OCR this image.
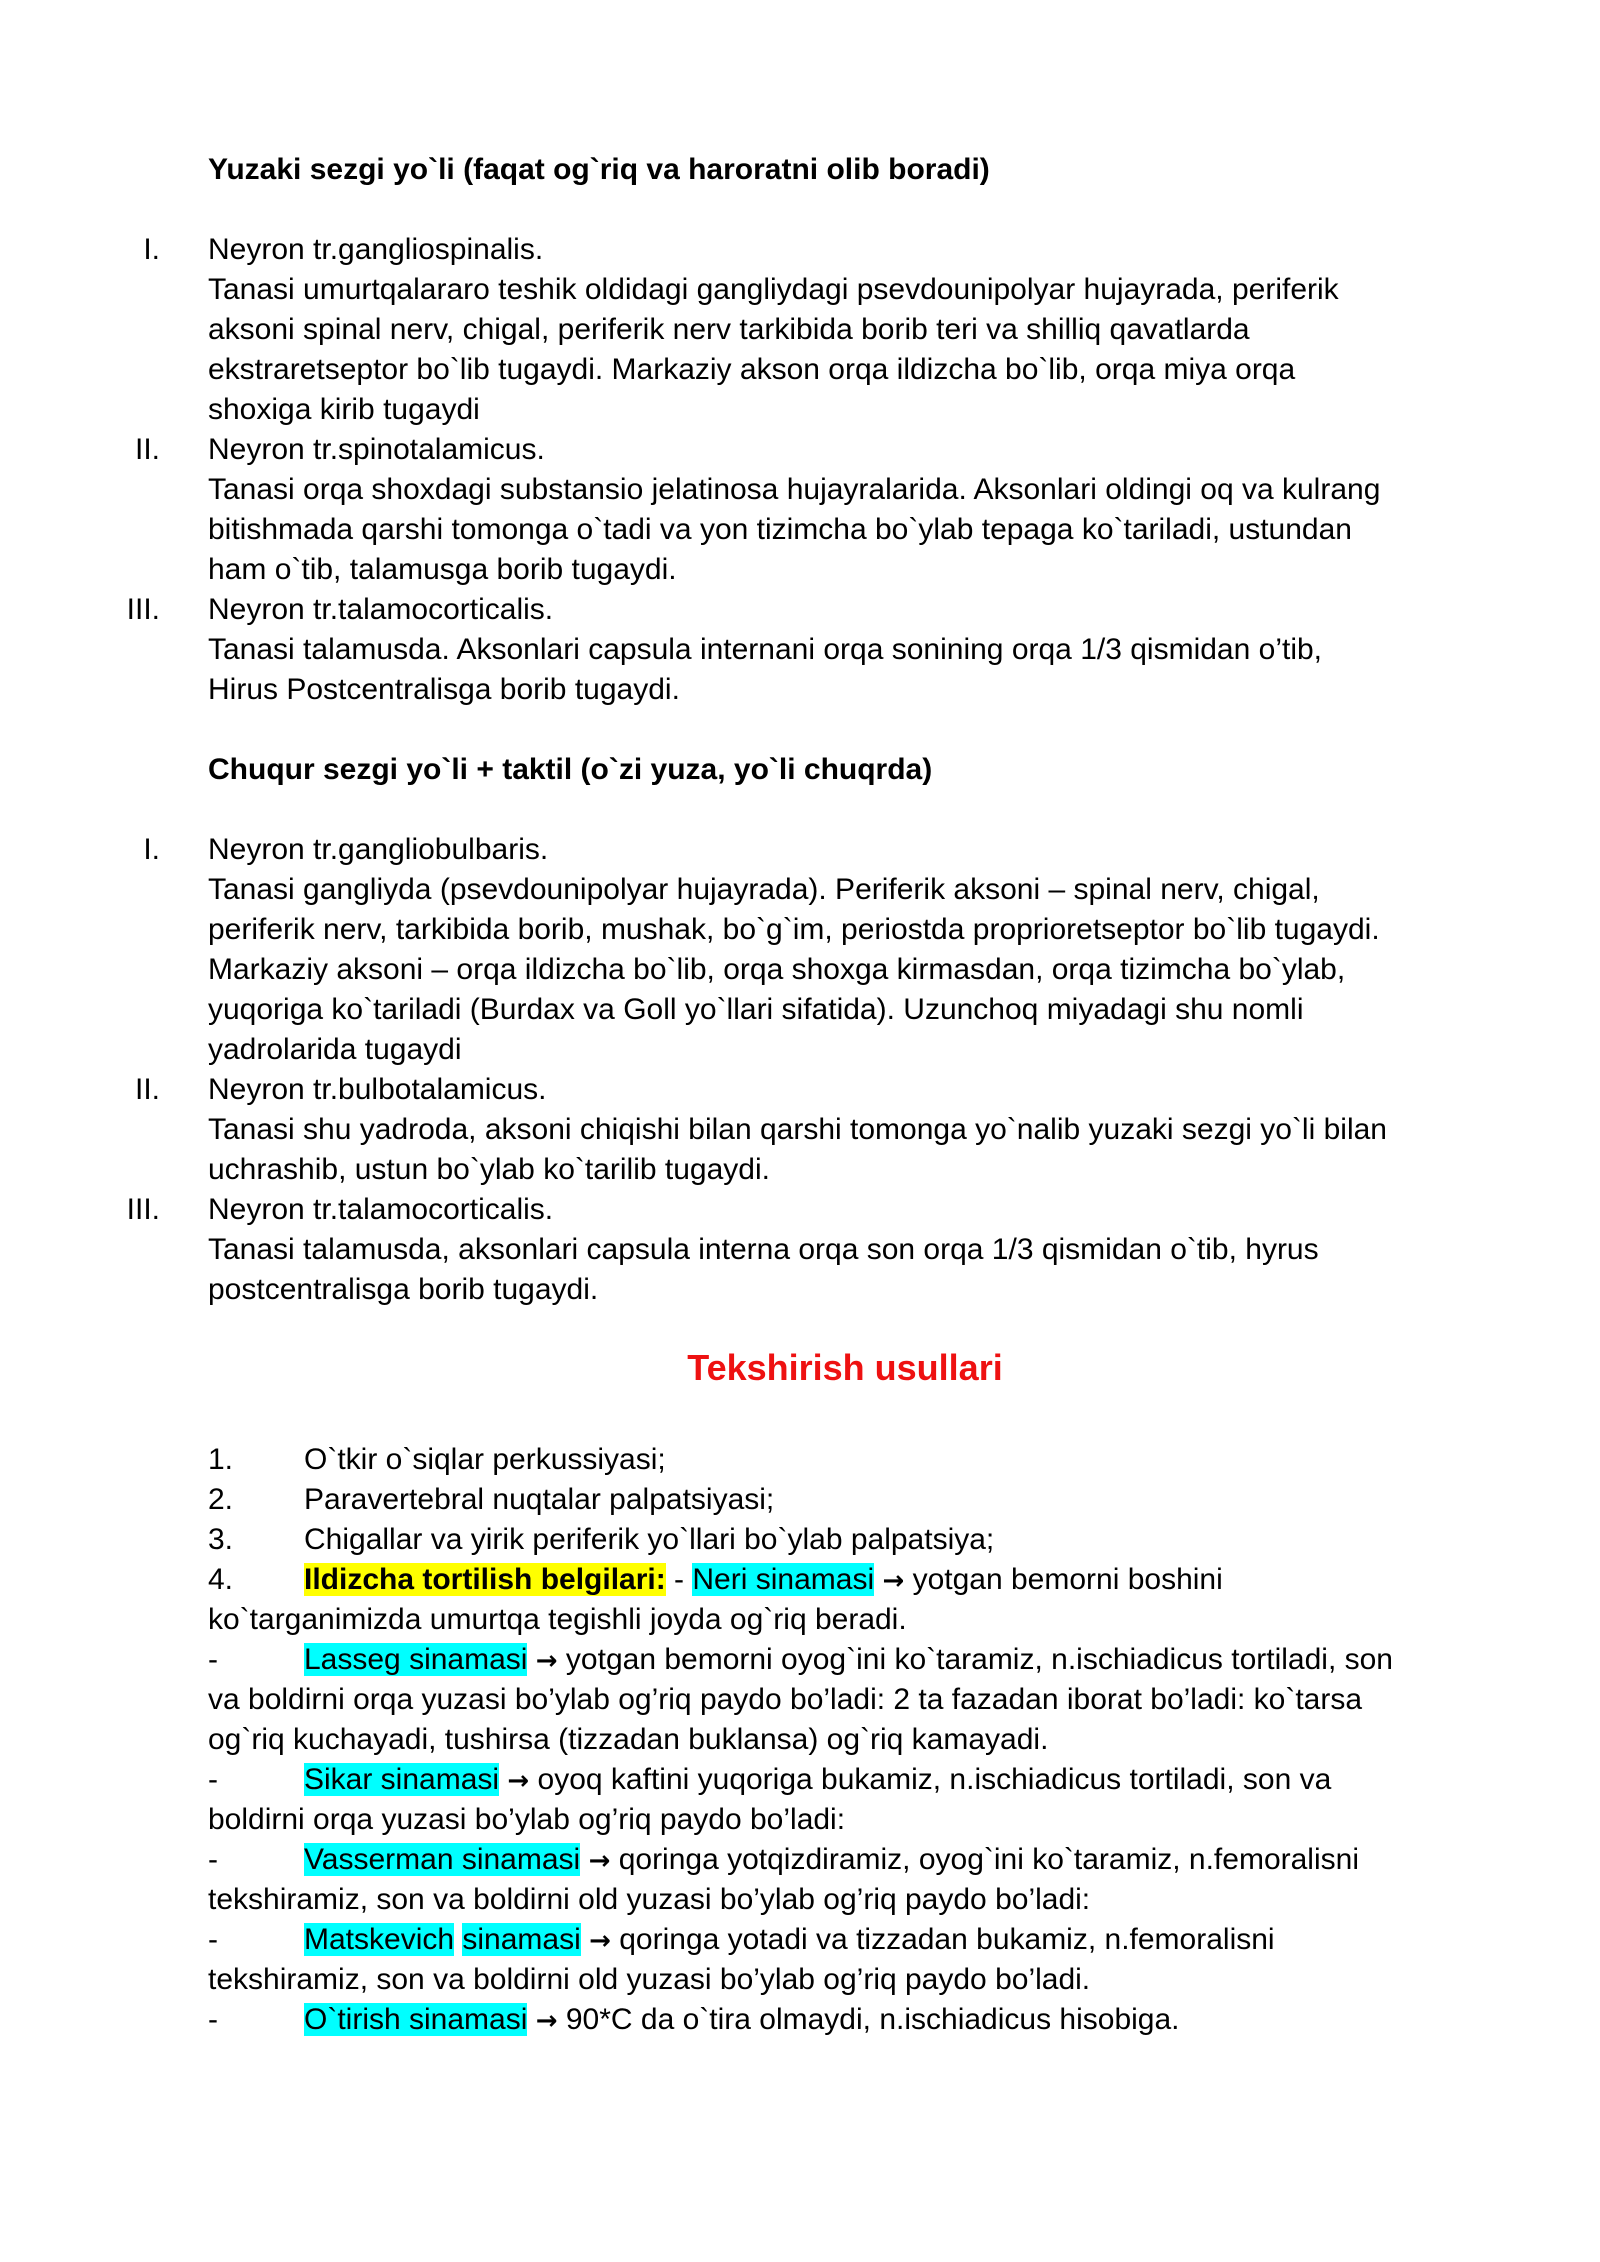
Yuzaki sezgi yo`li (faqat og`riq va haroratni olib boradi)
I. Neyron tr.gangliospinalis.
Tanasi umurtqalararo teshik oldidagi gangliydagi psevdounipolyar hujayrada, periferik
aksoni spinal nerv, chigal, periferik nerv tarkibida borib teri va shilliq qavatlarda
ekstraretseptor bo`lib tugaydi. Markaziy akson orqa ildizcha bo`lib, orqa miya orqa
shoxiga kirib tugaydi
II. Neyron tr.spinotalamicus.
Tanasi orqa shoxdagi substansio jelatinosa hujayralarida. Aksonlari oldingi oq va kulrang
bitishmada qarshi tomonga o`tadi va yon tizimcha bo`ylab tepaga ko`tariladi, ustundan
ham o`tib, talamusga borib tugaydi.
III. Neyron tr.talamocorticalis.
Tanasi talamusda. Aksonlari capsula internani orqa sonining orqa 1/3 qismidan o’tib,
Hirus Postcentralisga borib tugaydi.
Chuqur sezgi yo`li + taktil (o`zi yuza, yo`li chuqrda)
I. Neyron tr.gangliobulbaris.
Tanasi gangliyda (psevdounipolyar hujayrada). Periferik aksoni – spinal nerv, chigal,
periferik nerv, tarkibida borib, mushak, bo`g`im, periostda proprioretseptor bo`lib tugaydi.
Markaziy aksoni – orqa ildizcha bo`lib, orqa shoxga kirmasdan, orqa tizimcha bo`ylab,
yuqoriga ko`tariladi (Burdax va Goll yo`llari sifatida). Uzunchoq miyadagi shu nomli
yadrolarida tugaydi
II. Neyron tr.bulbotalamicus.
Tanasi shu yadroda, aksoni chiqishi bilan qarshi tomonga yo`nalib yuzaki sezgi yo`li bilan
uchrashib, ustun bo`ylab ko`tarilib tugaydi.
III. Neyron tr.talamocorticalis.
Tanasi talamusda, aksonlari capsula interna orqa son orqa 1/3 qismidan o`tib, hyrus
postcentralisga borib tugaydi.
Tekshirish usullari
1. O`tkir o`siqlar perkussiyasi;
2. Paravertebral nuqtalar palpatsiyasi;
3. Chigallar va yirik periferik yo`llari bo`ylab palpatsiya;
4.	Ildizcha tortilish belgilari: - Neri sinamasi → yotgan bemorni boshini
ko`targanimizda umurtqa tegishli joyda og`riq beradi.
-	Lasseg sinamasi → yotgan bemorni oyog`ini ko`taramiz, n.ischiadicus tortiladi, son
va boldirni orqa yuzasi bo’ylab og’riq paydo bo’ladi: 2 ta fazadan iborat bo’ladi: ko`tarsa
og`riq kuchayadi, tushirsa (tizzadan buklansa) og`riq kamayadi.
-	Sikar sinamasi → oyoq kaftini yuqoriga bukamiz, n.ischiadicus tortiladi, son va
boldirni orqa yuzasi bo’ylab og’riq paydo bo’ladi:
-	Vasserman sinamasi → qoringa yotqizdiramiz, oyog`ini ko`taramiz, n.femoralisni
tekshiramiz, son va boldirni old yuzasi bo’ylab og’riq paydo bo’ladi:
-	Matskevich sinamasi → qoringa yotadi va tizzadan bukamiz, n.femoralisni
tekshiramiz, son va boldirni old yuzasi bo’ylab og’riq paydo bo’ladi.
-	O`tirish sinamasi → 90*C da o`tira olmaydi, n.ischiadicus hisobiga.
